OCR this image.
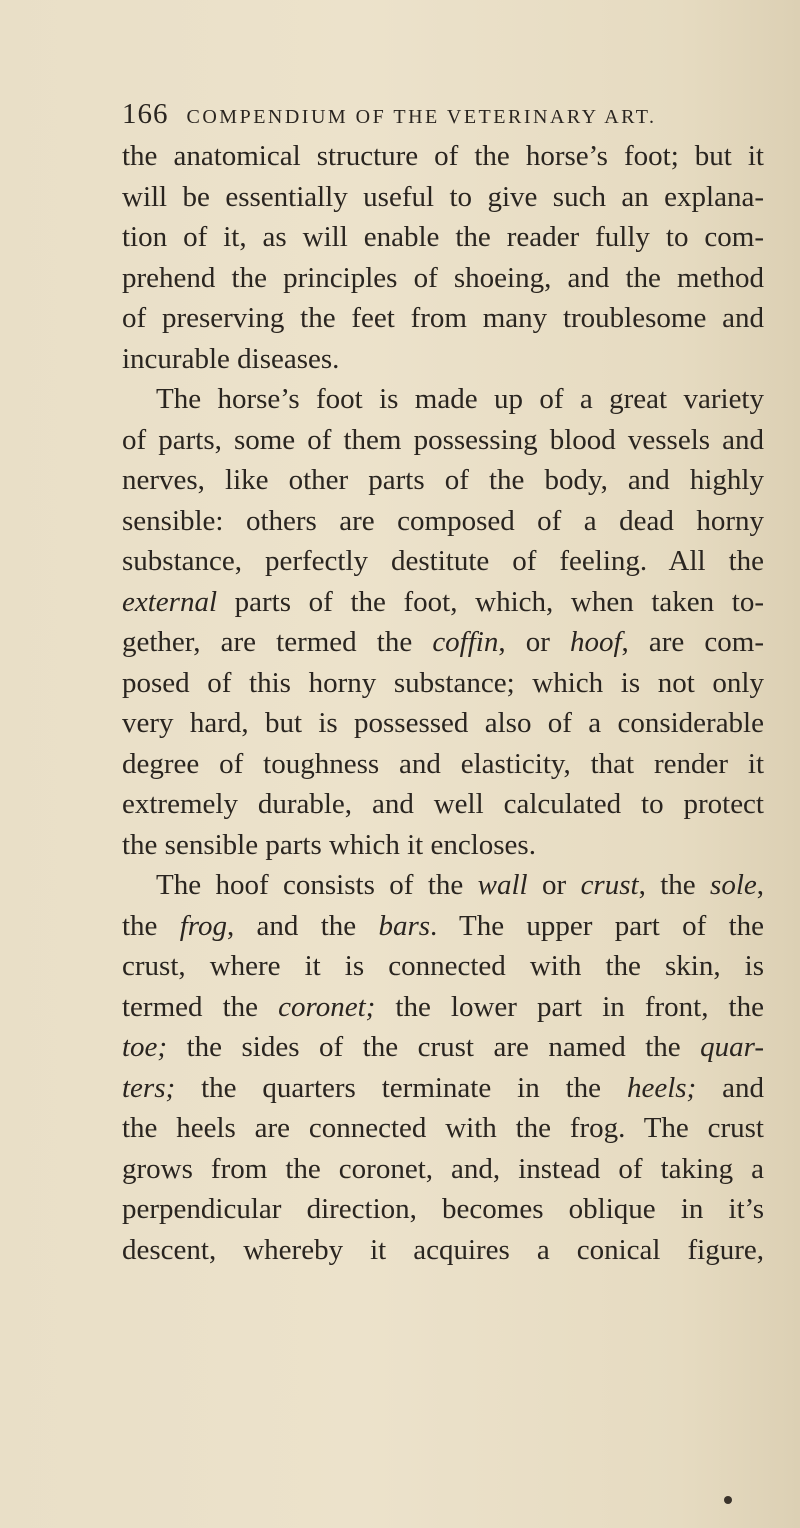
166 COMPENDIUM OF THE VETERINARY ART.
the anatomical structure of the horse’s foot; but it
will be essentially useful to give such an explana-
tion of it, as will enable the reader fully to com-
prehend the principles of shoeing, and the method
of preserving the feet from many troublesome and
incurable diseases.
The horse’s foot is made up of a great variety
of parts, some of them possessing blood vessels and
nerves, like other parts of the body, and highly
sensible: others are composed of a dead horny
substance, perfectly destitute of feeling. All the
external parts of the foot, which, when taken to-
gether, are termed the coffin, or hoof, are com-
posed of this horny substance; which is not only
very hard, but is possessed also of a considerable
degree of toughness and elasticity, that render it
extremely durable, and well calculated to protect
the sensible parts which it encloses.
The hoof consists of the wall or crust, the sole,
the frog, and the bars. The upper part of the
crust, where it is connected with the skin, is
termed the coronet; the lower part in front, the
toe; the sides of the crust are named the quar-
ters; the quarters terminate in the heels; and
the heels are connected with the frog. The crust
grows from the coronet, and, instead of taking a
perpendicular direction, becomes oblique in it’s
descent, whereby it acquires a conical figure,
